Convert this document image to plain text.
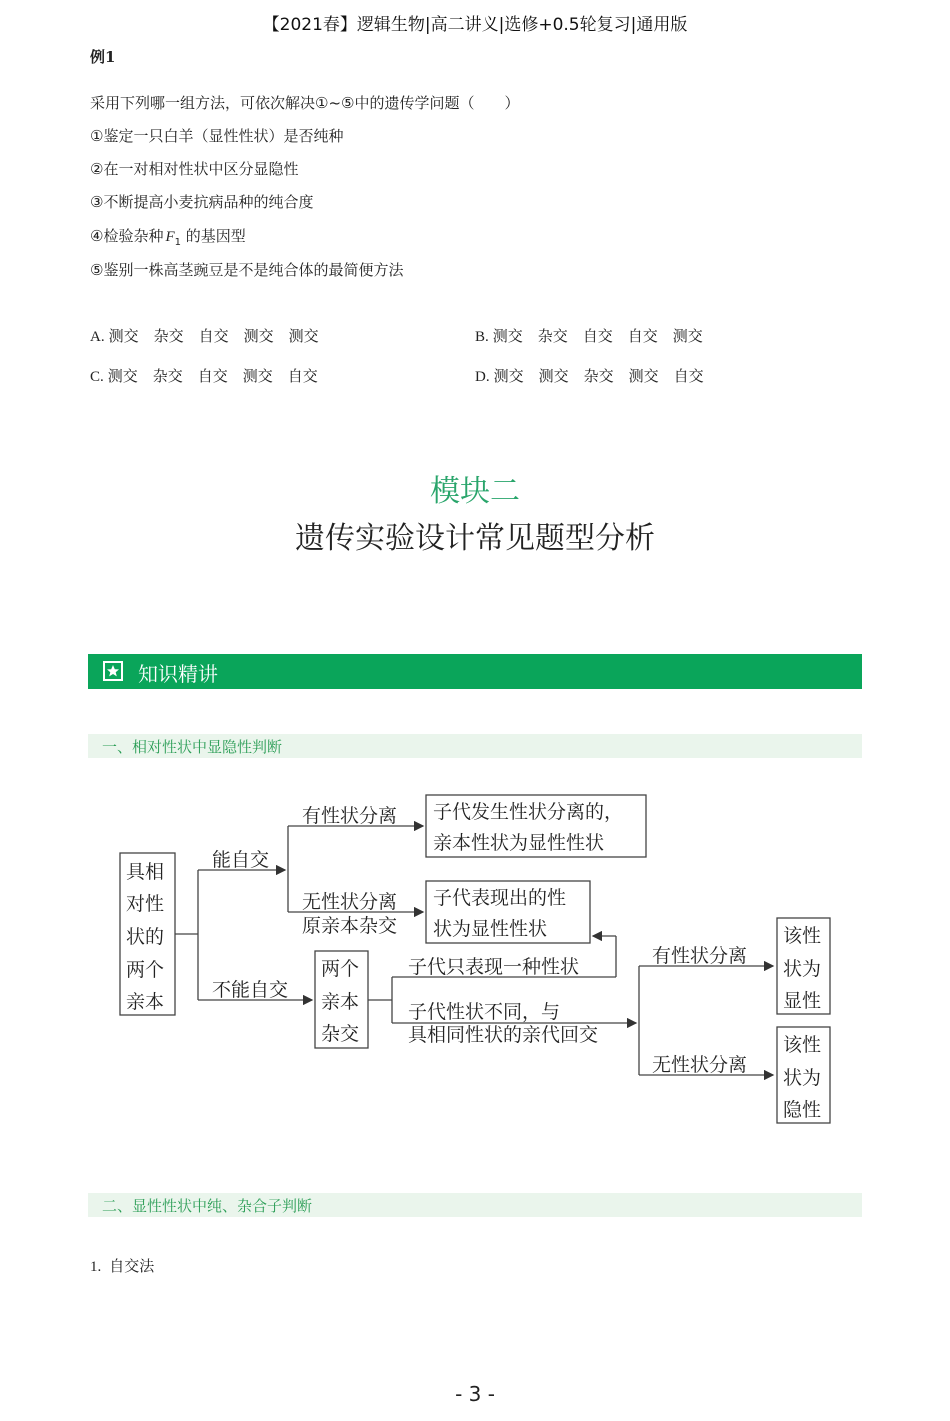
【2021春】逻辑生物|高二讲义|选修+0.5轮复习|通用版
例1
采用下列哪一组方法，可依次解决①~⑤中的遗传学问题（　　）
①鉴定一只白羊（显性性状）是否纯种
②在一对相对性状中区分显隐性
③不断提高小麦抗病品种的纯合度
④检验杂种 $F_1$ 的基因型
⑤鉴别一株高茎豌豆是不是纯合体的最简便方法
A. 测交　杂交　自交　测交　测交	B. 测交　杂交　自交　自交　测交
C. 测交　杂交　自交　测交　自交	D. 测交　测交　杂交　测交　自交
模块二
遗传实验设计常见题型分析
知识精讲
一、相对性状中显隐性判断
具相
对性
状的
两个
亲本
能自交
不能自交
有性状分离
无性状分离
原亲本杂交
子代发生性状分离的，
亲本性状为显性性状
子代表现出的性
状为显性性状
两个
亲本
杂交
子代只表现一种性状
子代性状不同，与
具相同性状的亲代回交
有性状分离
无性状分离
该性
状为
显性
该性
状为
隐性
二、显性性状中纯、杂合子判断
1. 自交法
- 3 -
